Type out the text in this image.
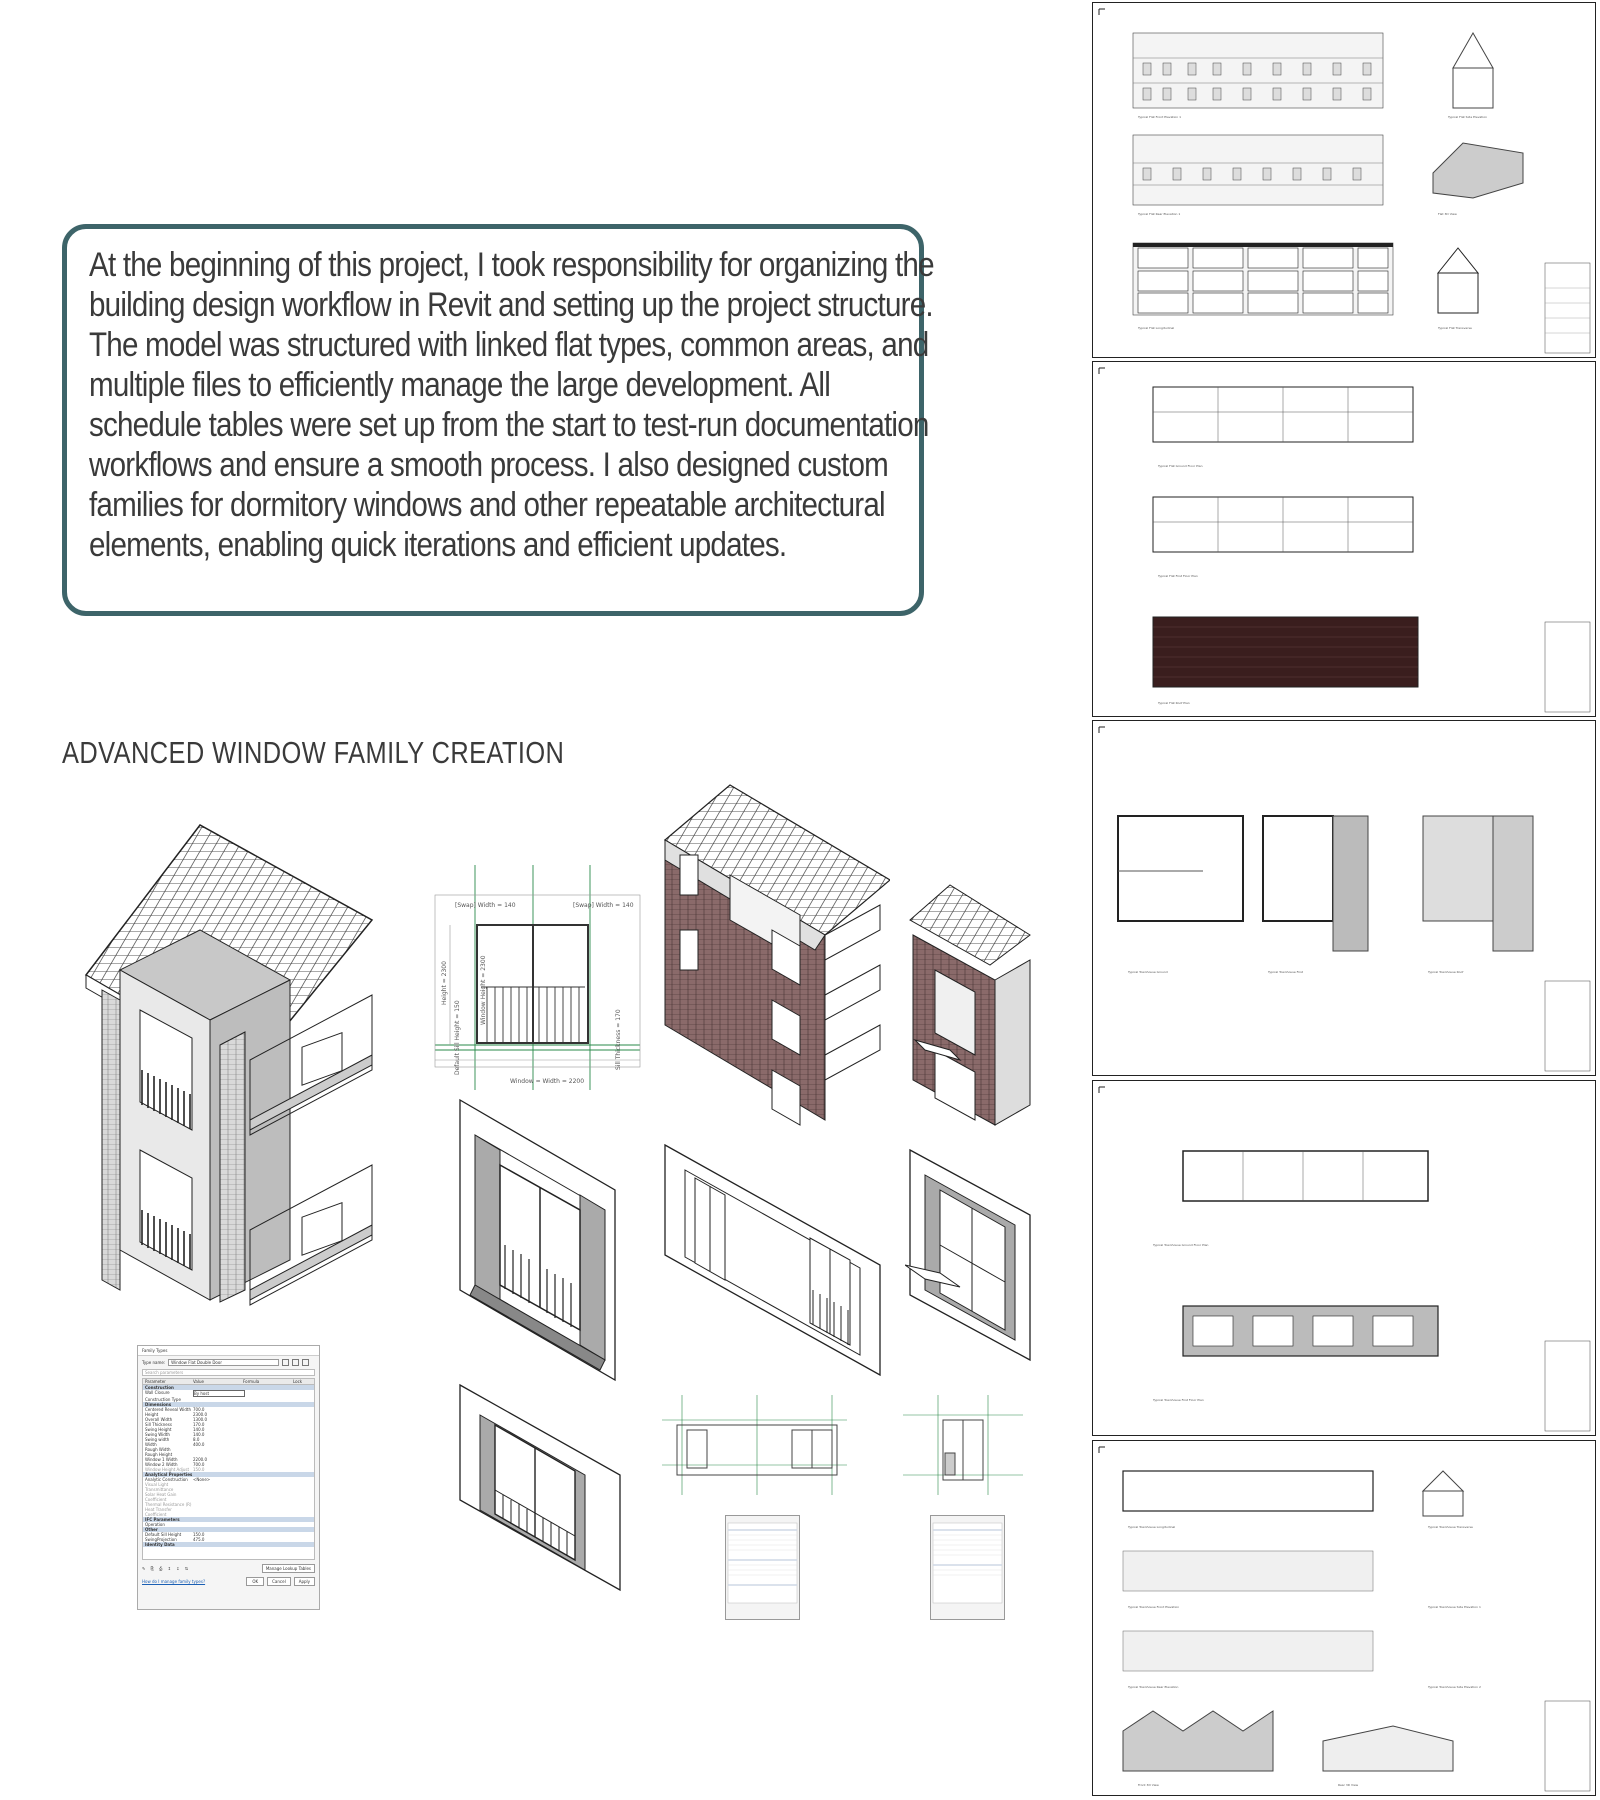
At the beginning of this project, I took responsibility for organizing the building design workflow in Revit and setting up the project structure. The model was structured with linked flat types, common areas, and multiple files to efficiently manage the large development. All schedule tables were set up from the start to test-run documentation workflows and ensure a smooth process. I also designed custom families for dormitory windows and other repeatable architectural elements, enabling quick iterations and efficient updates.

ADVANCED WINDOW FAMILY CREATION
[Swap] Width = 140	[Swap] Width = 140
Height = 2300	Window Height = 2300
Default Sill Height = 150	Sill Thickness = 170
Window = Width = 2200
Family Types
Type name:	Window Flat Double Door
Search parameters
Parameter	Value	Formula	Lock
Construction
Wall Closure	By host
Construction Type
Dimensions
Centered Reveal Width 700.0
Height	2300.0
Overall Width	1300.0
Sill Thickness	170.0
Swing Height	140.0
Swing Width	140.0
Swing width	8.0
Width	400.0
Rough Width
Rough Height
Window 1 Width	2200.0
Window 2 Width	700.0
Window Height Adjust 150.0
Analytical Properties
Analytic Construction	<None>
Visual Light Transmittance
Solar Heat Gain Coefficient
Thermal Resistance (R)
Heat Transfer Coefficient
IFC Parameters
Operation
Other
Default Sill Height	150.0
SwingProjection	475.0
Identity Data
✎ ⎘ ⎙ ↥ ↧ ⇅	Manage Lookup Tables
How do I manage family types?	OK	Cancel	Apply
Typical Flat Front Elevation 1	Typical Flat Side Elevation
Typical Flat Rear Elevation 1	Flat 3D View
Typical Flat Longitudinal	Typical Flat Transverse
Typical Flat Ground Floor Plan
Typical Flat First Floor Plan
Typical Flat Roof Plan
Typical Townhouse Ground	Typical Townhouse First	Typical Townhouse Roof
Typical Townhouse Ground Floor Plan
Typical Townhouse First Floor Plan
Typical Townhouse Longitudinal	Typical Townhouse Transverse
Typical Townhouse Front Elevation	Typical Townhouse Side Elevation 1
Typical Townhouse Rear Elevation	Typical Townhouse Side Elevation 2
Front 3D View	Rear 3D View
